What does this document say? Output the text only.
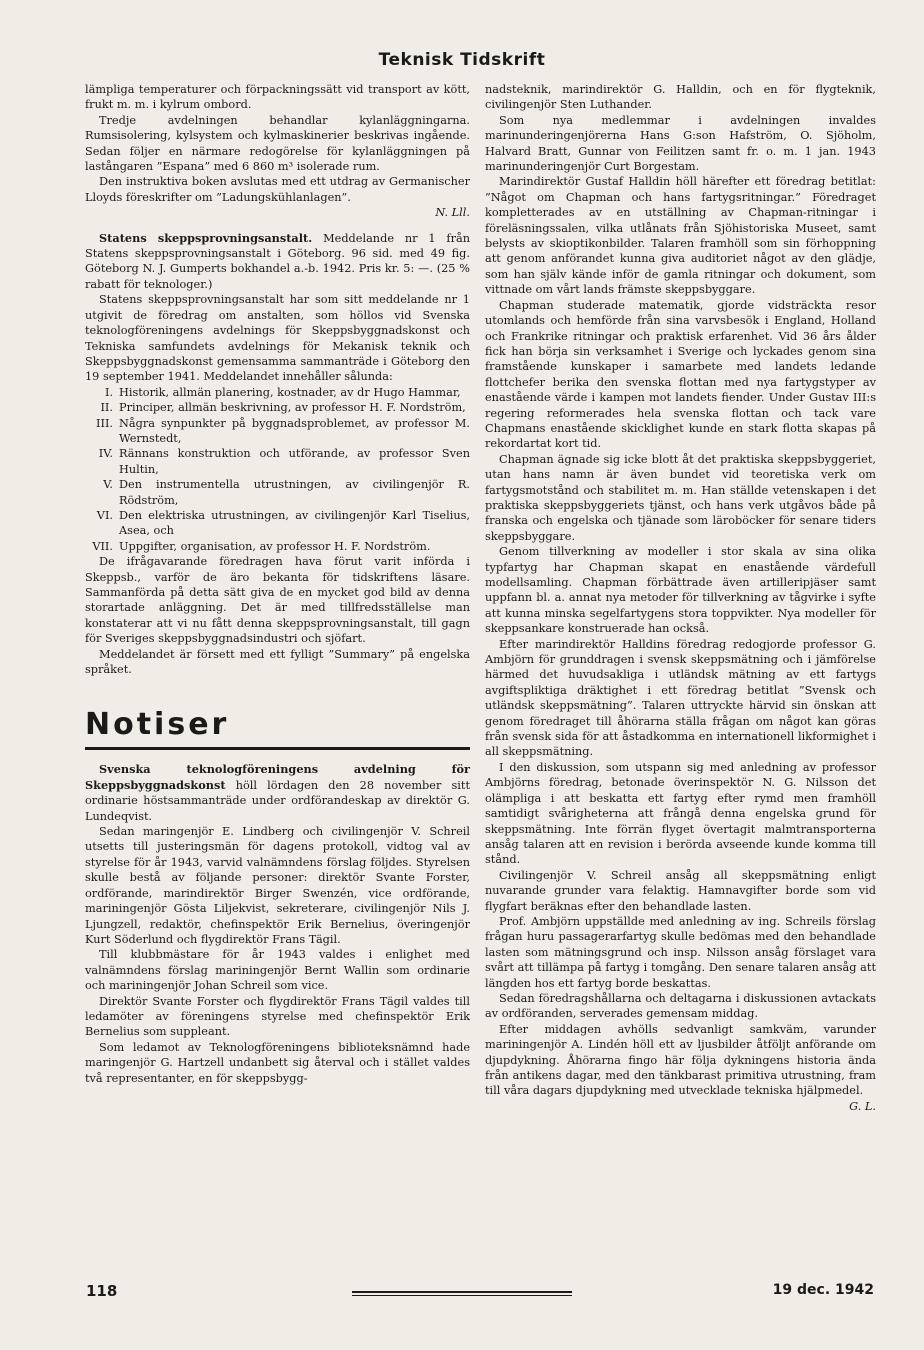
Teknisk Tidskrift

lämpliga temperaturer och förpackningssätt vid transport av kött, frukt m. m. i kylrum ombord.

Tredje avdelningen behandlar kylanläggningarna. Rumsisolering, kylsystem och kylmaskinerier beskrivas ingående. Sedan följer en närmare redogörelse för kylanläggningen på lastångaren ”Espana” med 6 860 m³ isolerade rum.

Den instruktiva boken avslutas med ett utdrag av Germanischer Lloyds föreskrifter om ”Ladungskühlanlagen”.

N. Lll.

Statens skeppsprovningsanstalt. Meddelande nr 1 från Statens skeppsprovningsanstalt i Göteborg. 96 sid. med 49 fig. Göteborg N. J. Gumperts bokhandel a.-b. 1942. Pris kr. 5: —. (25 % rabatt för teknologer.)

Statens skeppsprovningsanstalt har som sitt meddelande nr 1 utgivit de föredrag om anstalten, som höllos vid Svenska teknologföreningens avdelnings för Skeppsbyggnadskonst och Tekniska samfundets avdelnings för Mekanisk teknik och Skeppsbyggnadskonst gemensamma sammanträde i Göteborg den 19 september 1941. Meddelandet innehåller sålunda:

I. Historik, allmän planering, kostnader, av dr Hugo Hammar,
II. Principer, allmän beskrivning, av professor H. F. Nordström,
III. Några synpunkter på byggnadsproblemet, av professor M. Wernstedt,
IV. Rännans konstruktion och utförande, av professor Sven Hultin,
V. Den instrumentella utrustningen, av civilingenjör R. Rödström,
VI. Den elektriska utrustningen, av civilingenjör Karl Tiselius, Asea, och
VII. Uppgifter, organisation, av professor H. F. Nordström.

De ifrågavarande föredragen hava förut varit införda i Skeppsb., varför de äro bekanta för tidskriftens läsare. Sammanförda på detta sätt giva de en mycket god bild av denna storartade anläggning. Det är med tillfredsställelse man konstaterar att vi nu fått denna skeppsprovningsanstalt, till gagn för Sveriges skeppsbyggnadsindustri och sjöfart.

Meddelandet är försett med ett fylligt ”Summary” på engelska språket.

Notiser

Svenska teknologföreningens avdelning för Skeppsbyggnadskonst höll lördagen den 28 november sitt ordinarie höstsammanträde under ordförandeskap av direktör G. Lundeqvist.

Sedan maringenjör E. Lindberg och civilingenjör V. Schreil utsetts till justeringsmän för dagens protokoll, vidtog val av styrelse för år 1943, varvid valnämndens förslag följdes. Styrelsen skulle bestå av följande personer: direktör Svante Forster, ordförande, marindirektör Birger Swenzén, vice ordförande, mariningenjör Gösta Liljekvist, sekreterare, civilingenjör Nils J. Ljungzell, redaktör, chefinspektör Erik Bernelius, överingenjör Kurt Söderlund och flygdirektör Frans Tägil.

Till klubbmästare för år 1943 valdes i enlighet med valnämndens förslag mariningenjör Bernt Wallin som ordinarie och mariningenjör Johan Schreil som vice.

Direktör Svante Forster och flygdirektör Frans Tägil valdes till ledamöter av föreningens styrelse med chefinspektör Erik Bernelius som suppleant.

Som ledamot av Teknologföreningens biblioteksnämnd hade maringenjör G. Hartzell undanbett sig återval och i stället valdes två representanter, en för skeppsbygg-

nadsteknik, marindirektör G. Halldin, och en för flygteknik, civilingenjör Sten Luthander.

Som nya medlemmar i avdelningen invaldes marinunderingenjörerna Hans G:son Hafström, O. Sjöholm, Halvard Bratt, Gunnar von Feilitzen samt fr. o. m. 1 jan. 1943 marinunderingenjör Curt Borgestam.

Marindirektör Gustaf Halldin höll härefter ett föredrag betitlat: ”Något om Chapman och hans fartygsritningar.” Föredraget kompletterades av en utställning av Chapman-ritningar i föreläsningssalen, vilka utlånats från Sjöhistoriska Museet, samt belysts av skioptikonbilder. Talaren framhöll som sin förhoppning att genom anförandet kunna giva auditoriet något av den glädje, som han själv kände inför de gamla ritningar och dokument, som vittnade om vårt lands främste skeppsbyggare.

Chapman studerade matematik, gjorde vidsträckta resor utomlands och hemförde från sina varvsbesök i England, Holland och Frankrike ritningar och praktisk erfarenhet. Vid 36 års ålder fick han börja sin verksamhet i Sverige och lyckades genom sina framstående kunskaper i samarbete med landets ledande flottchefer berika den svenska flottan med nya fartygstyper av enastående värde i kampen mot landets fiender. Under Gustav III:s regering reformerades hela svenska flottan och tack vare Chapmans enastående skicklighet kunde en stark flotta skapas på rekordartat kort tid.

Chapman ägnade sig icke blott åt det praktiska skeppsbyggeriet, utan hans namn är även bundet vid teoretiska verk om fartygsmotstånd och stabilitet m. m. Han ställde vetenskapen i det praktiska skeppsbyggeriets tjänst, och hans verk utgåvos både på franska och engelska och tjänade som läroböcker för senare tiders skeppsbyggare.

Genom tillverkning av modeller i stor skala av sina olika typfartyg har Chapman skapat en enastående värdefull modellsamling. Chapman förbättrade även artilleripjäser samt uppfann bl. a. annat nya metoder för tillverkning av tågvirke i syfte att kunna minska segelfartygens stora toppvikter. Nya modeller för skeppsankare konstruerade han också.

Efter marindirektör Halldins föredrag redogjorde professor G. Ambjörn för grunddragen i svensk skeppsmätning och i jämförelse härmed det huvudsakliga i utländsk mätning av ett fartygs avgiftspliktiga dräktighet i ett föredrag betitlat ”Svensk och utländsk skeppsmätning”. Talaren uttryckte härvid sin önskan att genom föredraget till åhörarna ställa frågan om något kan göras från svensk sida för att åstadkomma en internationell likformighet i all skeppsmätning.

I den diskussion, som utspann sig med anledning av professor Ambjörns föredrag, betonade överinspektör N. G. Nilsson det olämpliga i att beskatta ett fartyg efter rymd men framhöll samtidigt svårigheterna att frångå denna engelska grund för skeppsmätning. Inte förrän flyget övertagit malmtransporterna ansåg talaren att en revision i berörda avseende kunde komma till stånd.

Civilingenjör V. Schreil ansåg all skeppsmätning enligt nuvarande grunder vara felaktig. Hamnavgifter borde som vid flygfart beräknas efter den behandlade lasten.

Prof. Ambjörn uppställde med anledning av ing. Schreils förslag frågan huru passagerarfartyg skulle bedömas med den behandlade lasten som mätningsgrund och insp. Nilsson ansåg förslaget vara svårt att tillämpa på fartyg i tomgång. Den senare talaren ansåg att längden hos ett fartyg borde beskattas.

Sedan föredragshållarna och deltagarna i diskussionen avtackats av ordföranden, serverades gemensam middag.

Efter middagen avhölls sedvanligt samkväm, varunder mariningenjör A. Lindén höll ett av ljusbilder åtföljt anförande om djupdykning. Åhörarna fingo här följa dykningens historia ända från antikens dagar, med den tänkbarast primitiva utrustning, fram till våra dagars djupdykning med utvecklade tekniska hjälpmedel.

G. L.
118	19 dec. 1942
